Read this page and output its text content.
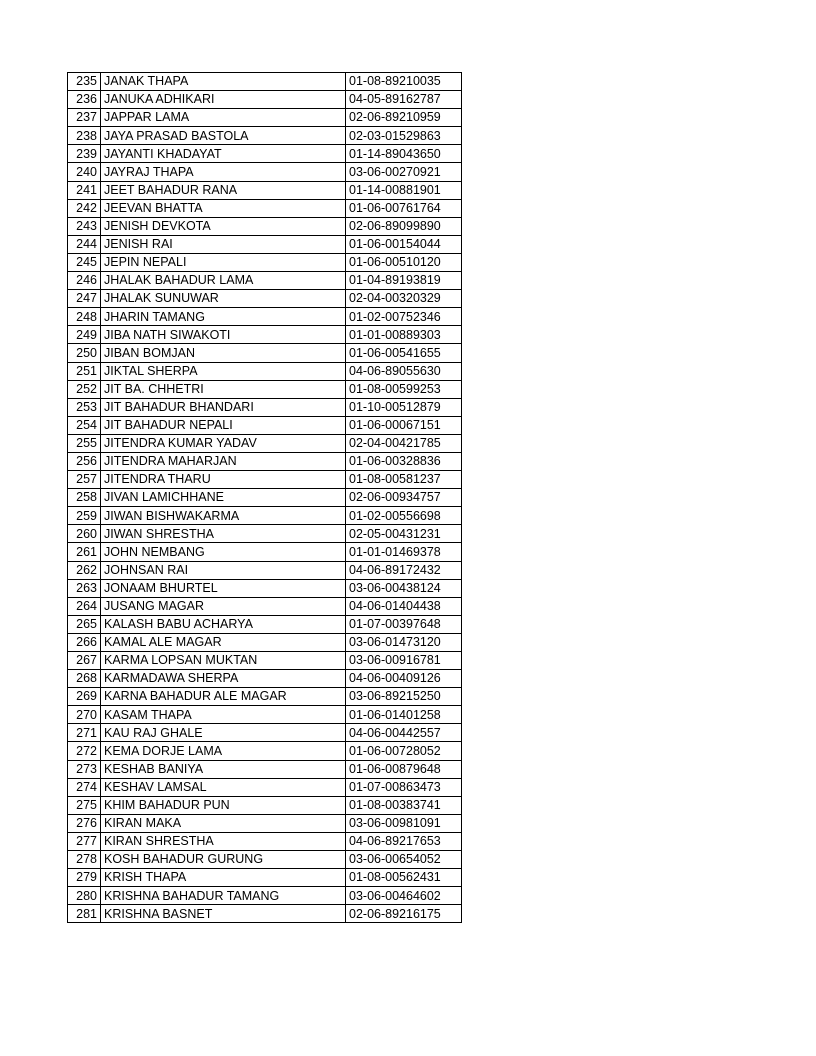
235	JANAK THAPA	01-08-89210035
236	JANUKA ADHIKARI	04-05-89162787
237	JAPPAR LAMA	02-06-89210959
238	JAYA PRASAD BASTOLA	02-03-01529863
239	JAYANTI KHADAYAT	01-14-89043650
240	JAYRAJ THAPA	03-06-00270921
241	JEET BAHADUR RANA	01-14-00881901
242	JEEVAN BHATTA	01-06-00761764
243	JENISH DEVKOTA	02-06-89099890
244	JENISH RAI	01-06-00154044
245	JEPIN NEPALI	01-06-00510120
246	JHALAK BAHADUR LAMA	01-04-89193819
247	JHALAK SUNUWAR	02-04-00320329
248	JHARIN TAMANG	01-02-00752346
249	JIBA NATH SIWAKOTI	01-01-00889303
250	JIBAN BOMJAN	01-06-00541655
251	JIKTAL SHERPA	04-06-89055630
252	JIT BA. CHHETRI	01-08-00599253
253	JIT BAHADUR BHANDARI	01-10-00512879
254	JIT BAHADUR NEPALI	01-06-00067151
255	JITENDRA KUMAR YADAV	02-04-00421785
256	JITENDRA MAHARJAN	01-06-00328836
257	JITENDRA THARU	01-08-00581237
258	JIVAN LAMICHHANE	02-06-00934757
259	JIWAN BISHWAKARMA	01-02-00556698
260	JIWAN SHRESTHA	02-05-00431231
261	JOHN NEMBANG	01-01-01469378
262	JOHNSAN RAI	04-06-89172432
263	JONAAM BHURTEL	03-06-00438124
264	JUSANG MAGAR	04-06-01404438
265	KALASH BABU ACHARYA	01-07-00397648
266	KAMAL ALE MAGAR	03-06-01473120
267	KARMA LOPSAN MUKTAN	03-06-00916781
268	KARMADAWA SHERPA	04-06-00409126
269	KARNA BAHADUR ALE MAGAR	03-06-89215250
270	KASAM THAPA	01-06-01401258
271	KAU RAJ GHALE	04-06-00442557
272	KEMA DORJE LAMA	01-06-00728052
273	KESHAB BANIYA	01-06-00879648
274	KESHAV LAMSAL	01-07-00863473
275	KHIM BAHADUR PUN	01-08-00383741
276	KIRAN MAKA	03-06-00981091
277	KIRAN SHRESTHA	04-06-89217653
278	KOSH BAHADUR GURUNG	03-06-00654052
279	KRISH THAPA	01-08-00562431
280	KRISHNA BAHADUR TAMANG	03-06-00464602
281	KRISHNA BASNET	02-06-89216175
